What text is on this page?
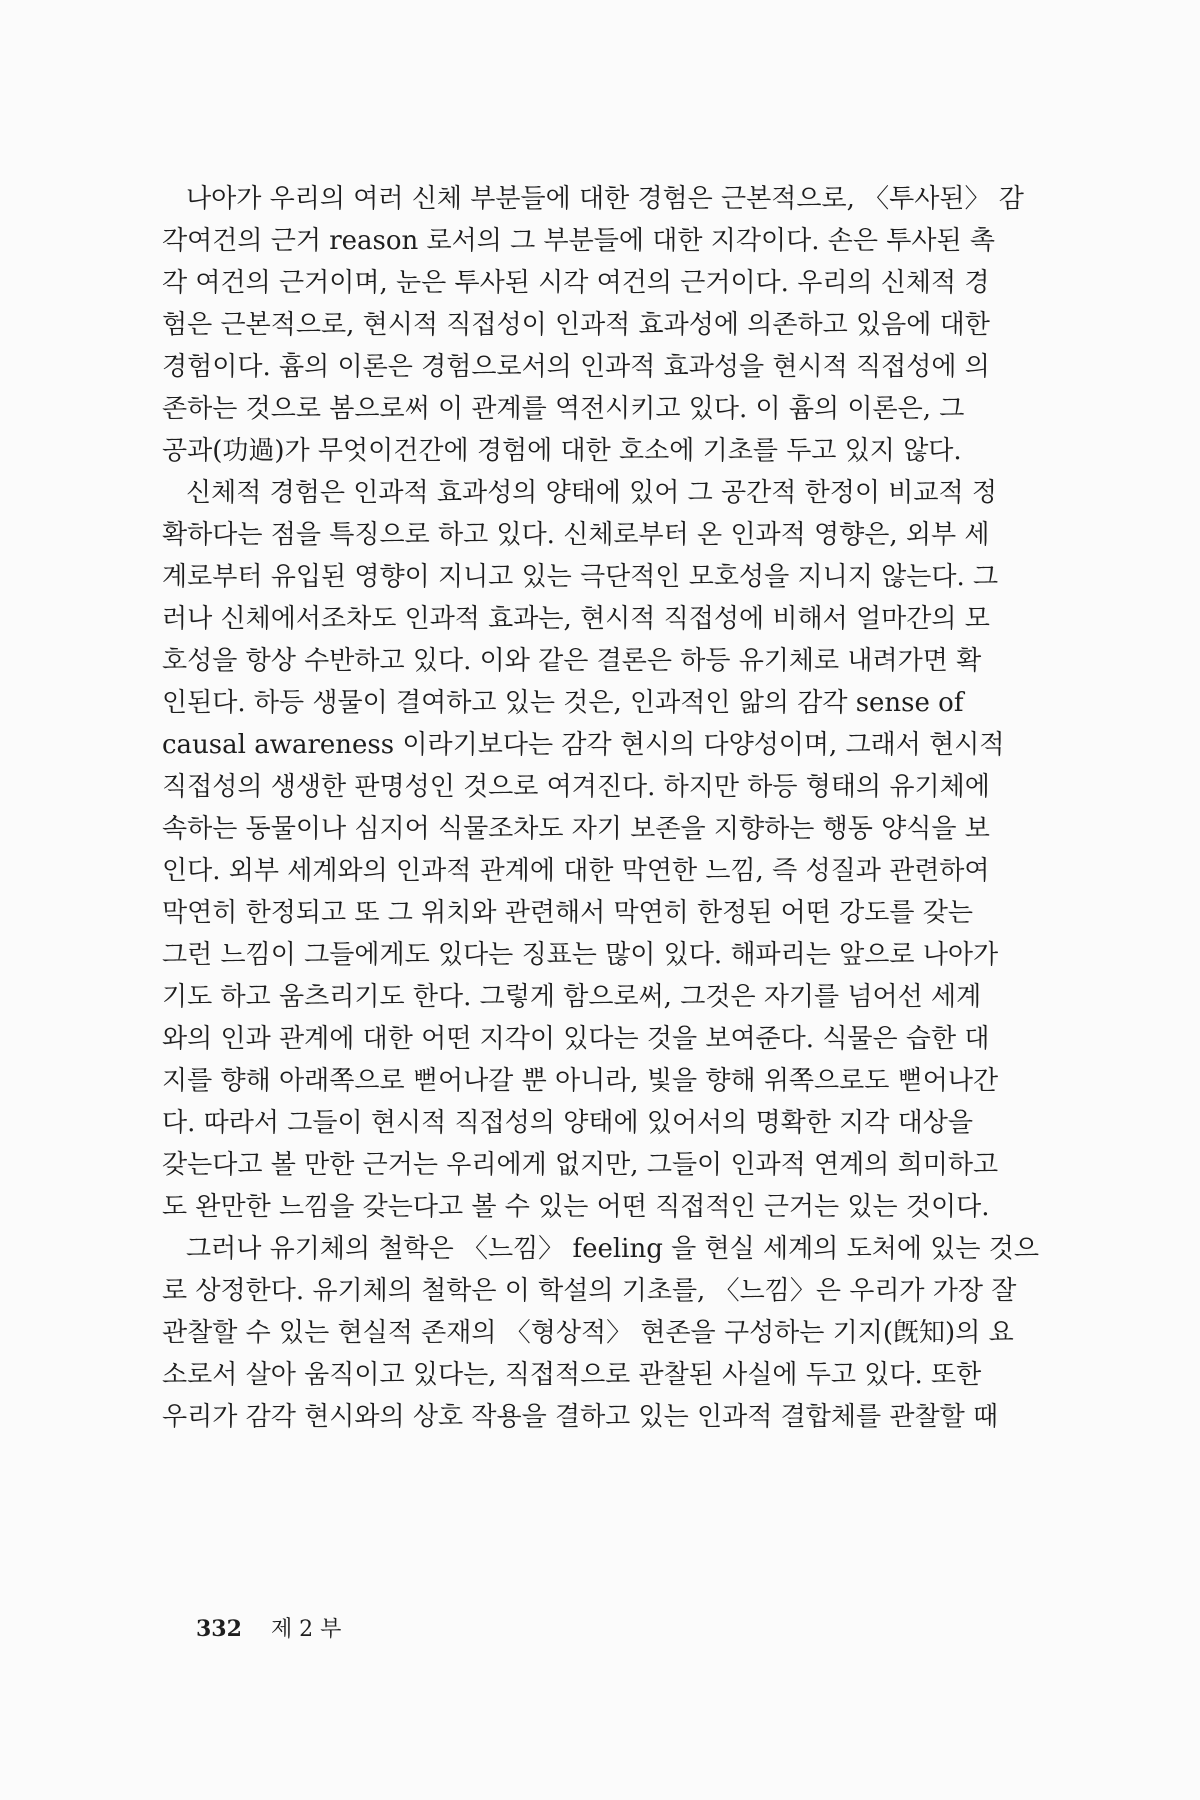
나아가 우리의 여러 신체 부분들에 대한 경험은 근본적으로, 〈투사된〉 감
각여건의 근거 reason 로서의 그 부분들에 대한 지각이다. 손은 투사된 촉
각 여건의 근거이며, 눈은 투사된 시각 여건의 근거이다. 우리의 신체적 경
험은 근본적으로, 현시적 직접성이 인과적 효과성에 의존하고 있음에 대한
경험이다. 흄의 이론은 경험으로서의 인과적 효과성을 현시적 직접성에 의
존하는 것으로 봄으로써 이 관계를 역전시키고 있다. 이 흄의 이론은, 그
공과(功過)가 무엇이건간에 경험에 대한 호소에 기초를 두고 있지 않다.
신체적 경험은 인과적 효과성의 양태에 있어 그 공간적 한정이 비교적 정
확하다는 점을 특징으로 하고 있다. 신체로부터 온 인과적 영향은, 외부 세
계로부터 유입된 영향이 지니고 있는 극단적인 모호성을 지니지 않는다. 그
러나 신체에서조차도 인과적 효과는, 현시적 직접성에 비해서 얼마간의 모
호성을 항상 수반하고 있다. 이와 같은 결론은 하등 유기체로 내려가면 확
인된다. 하등 생물이 결여하고 있는 것은, 인과적인 앎의 감각 sense of
causal awareness 이라기보다는 감각 현시의 다양성이며, 그래서 현시적
직접성의 생생한 판명성인 것으로 여겨진다. 하지만 하등 형태의 유기체에
속하는 동물이나 심지어 식물조차도 자기 보존을 지향하는 행동 양식을 보
인다. 외부 세계와의 인과적 관계에 대한 막연한 느낌, 즉 성질과 관련하여
막연히 한정되고 또 그 위치와 관련해서 막연히 한정된 어떤 강도를 갖는
그런 느낌이 그들에게도 있다는 징표는 많이 있다. 해파리는 앞으로 나아가
기도 하고 움츠리기도 한다. 그렇게 함으로써, 그것은 자기를 넘어선 세계
와의 인과 관계에 대한 어떤 지각이 있다는 것을 보여준다. 식물은 습한 대
지를 향해 아래쪽으로 뻗어나갈 뿐 아니라, 빛을 향해 위쪽으로도 뻗어나간
다. 따라서 그들이 현시적 직접성의 양태에 있어서의 명확한 지각 대상을
갖는다고 볼 만한 근거는 우리에게 없지만, 그들이 인과적 연계의 희미하고
도 완만한 느낌을 갖는다고 볼 수 있는 어떤 직접적인 근거는 있는 것이다.
그러나 유기체의 철학은 〈느낌〉 feeling 을 현실 세계의 도처에 있는 것으
로 상정한다. 유기체의 철학은 이 학설의 기초를, 〈느낌〉은 우리가 가장 잘
관찰할 수 있는 현실적 존재의 〈형상적〉 현존을 구성하는 기지(旣知)의 요
소로서 살아 움직이고 있다는, 직접적으로 관찰된 사실에 두고 있다. 또한
우리가 감각 현시와의 상호 작용을 결하고 있는 인과적 결합체를 관찰할 때
332 제 2 부
